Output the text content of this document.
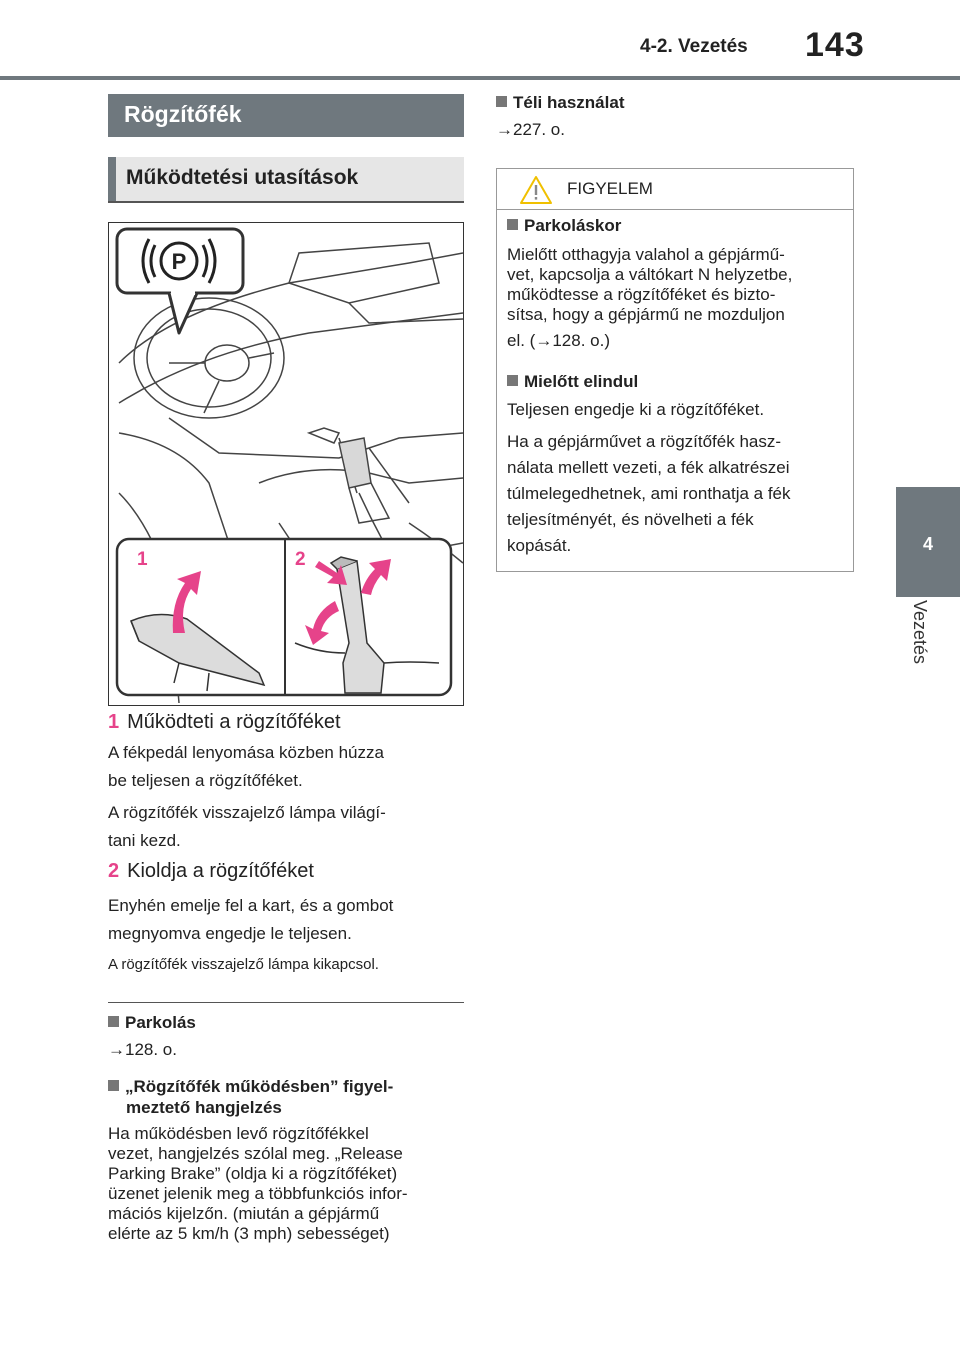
4-2. Vezetés 143
4
Vezetés
Rögzítőfék
Működtetési utasítások
P
1	2
1 Működteti a rögzítőféket
A fékpedál lenyomása közben húzza
be teljesen a rögzítőféket.
A rögzítőfék visszajelző lámpa világí-
tani kezd.
2 Kioldja a rögzítőféket
Enyhén emelje fel a kart, és a gombot
megnyomva engedje le teljesen.
A rögzítőfék visszajelző lámpa kikapcsol.
Parkolás
→128. o.
„Rögzítőfék működésben” figyel-
meztető hangjelzés
Ha működésben levő rögzítőfékkel
vezet, hangjelzés szólal meg. „Release
Parking Brake” (oldja ki a rögzítőféket)
üzenet jelenik meg a többfunkciós infor-
mációs kijelzőn. (miután a gépjármű
elérte az 5 km/h (3 mph) sebességet)
Téli használat
→227. o.
FIGYELEM
Parkoláskor
Mielőtt otthagyja valahol a gépjármű-
vet, kapcsolja a váltókart N helyzetbe,
működtesse a rögzítőféket és bizto-
sítsa, hogy a gépjármű ne mozduljon
el. (→128. o.)
Mielőtt elindul
Teljesen engedje ki a rögzítőféket.
Ha a gépjárművet a rögzítőfék hasz-
nálata mellett vezeti, a fék alkatrészei
túlmelegedhetnek, ami ronthatja a fék
teljesítményét, és növelheti a fék
kopását.
